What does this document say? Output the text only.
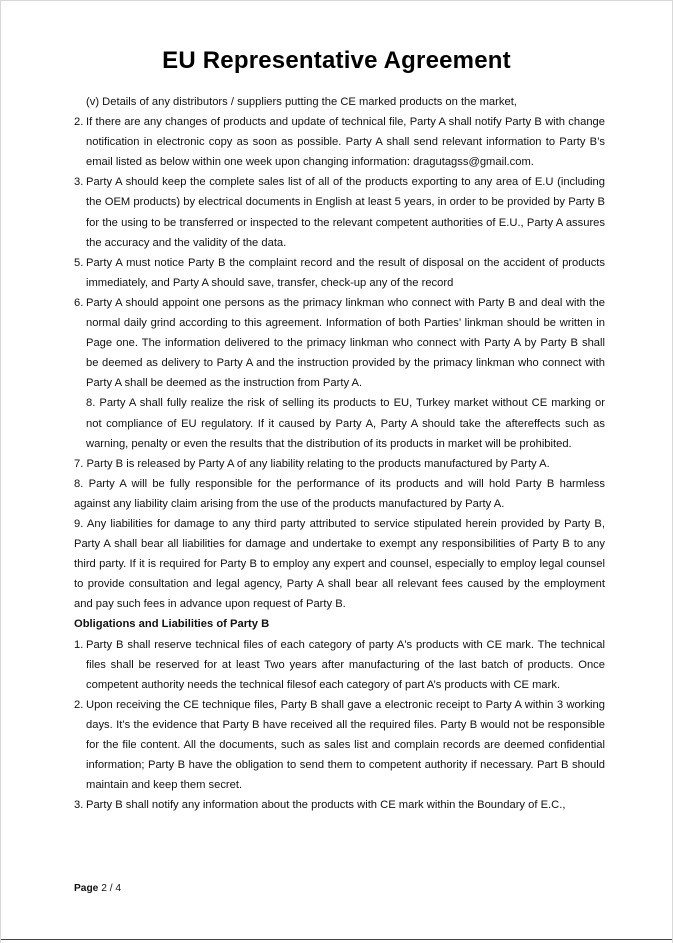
EU Representative Agreement
(v) Details of any distributors / suppliers putting the CE marked products on the market,
2. If there are any changes of products and update of technical file, Party A shall notify Party B with change notification in electronic copy as soon as possible. Party A shall send relevant information to Party B’s email listed as below within one week upon changing information: dragutagss@gmail.com.
3. Party A should keep the complete sales list of all of the products exporting to any area of E.U (including the OEM products) by electrical documents in English at least 5 years, in order to be provided by Party B for the using to be transferred or inspected to the relevant competent authorities of E.U., Party A assures the accuracy and the validity of the data.
5. Party A must notice Party B the complaint record and the result of disposal on the accident of products immediately, and Party A should save, transfer, check-up any of the record
6. Party A should appoint one persons as the primacy linkman who connect with Party B and deal with the normal daily grind according to this agreement. Information of both Parties’ linkman should be written in Page one. The information delivered to the primacy linkman who connect with Party A by Party B shall be deemed as delivery to Party A and the instruction provided by the primacy linkman who connect with Party A shall be deemed as the instruction from Party A.
8. Party A shall fully realize the risk of selling its products to EU, Turkey market without CE marking or not compliance of EU regulatory. If it caused by Party A, Party A should take the aftereffects such as warning, penalty or even the results that the distribution of its products in market will be prohibited.
7. Party B is released by Party A of any liability relating to the products manufactured by Party A.
8. Party A will be fully responsible for the performance of its products and will hold Party B harmless against any liability claim arising from the use of the products manufactured by Party A.
9. Any liabilities for damage to any third party attributed to service stipulated herein provided by Party B, Party A shall bear all liabilities for damage and undertake to exempt any responsibilities of Party B to any third party. If it is required for Party B to employ any expert and counsel, especially to employ legal counsel to provide consultation and legal agency, Party A shall bear all relevant fees caused by the employment and pay such fees in advance upon request of Party B.
Obligations and Liabilities of Party B
1. Party B shall reserve technical files of each category of party A's products with CE mark. The technical files shall be reserved for at least Two years after manufacturing of the last batch of products. Once competent authority needs the technical filesof each category of part A’s products with CE mark.
2. Upon receiving the CE technique files, Party B shall gave a electronic receipt to Party A within 3 working days. It’s the evidence that Party B have received all the required files. Party B would not be responsible for the file content. All the documents, such as sales list and complain records are deemed confidential information; Party B have the obligation to send them to competent authority if necessary. Part B should maintain and keep them secret.
3. Party B shall notify any information about the products with CE mark within the Boundary of E.C.,
Page 2 / 4
